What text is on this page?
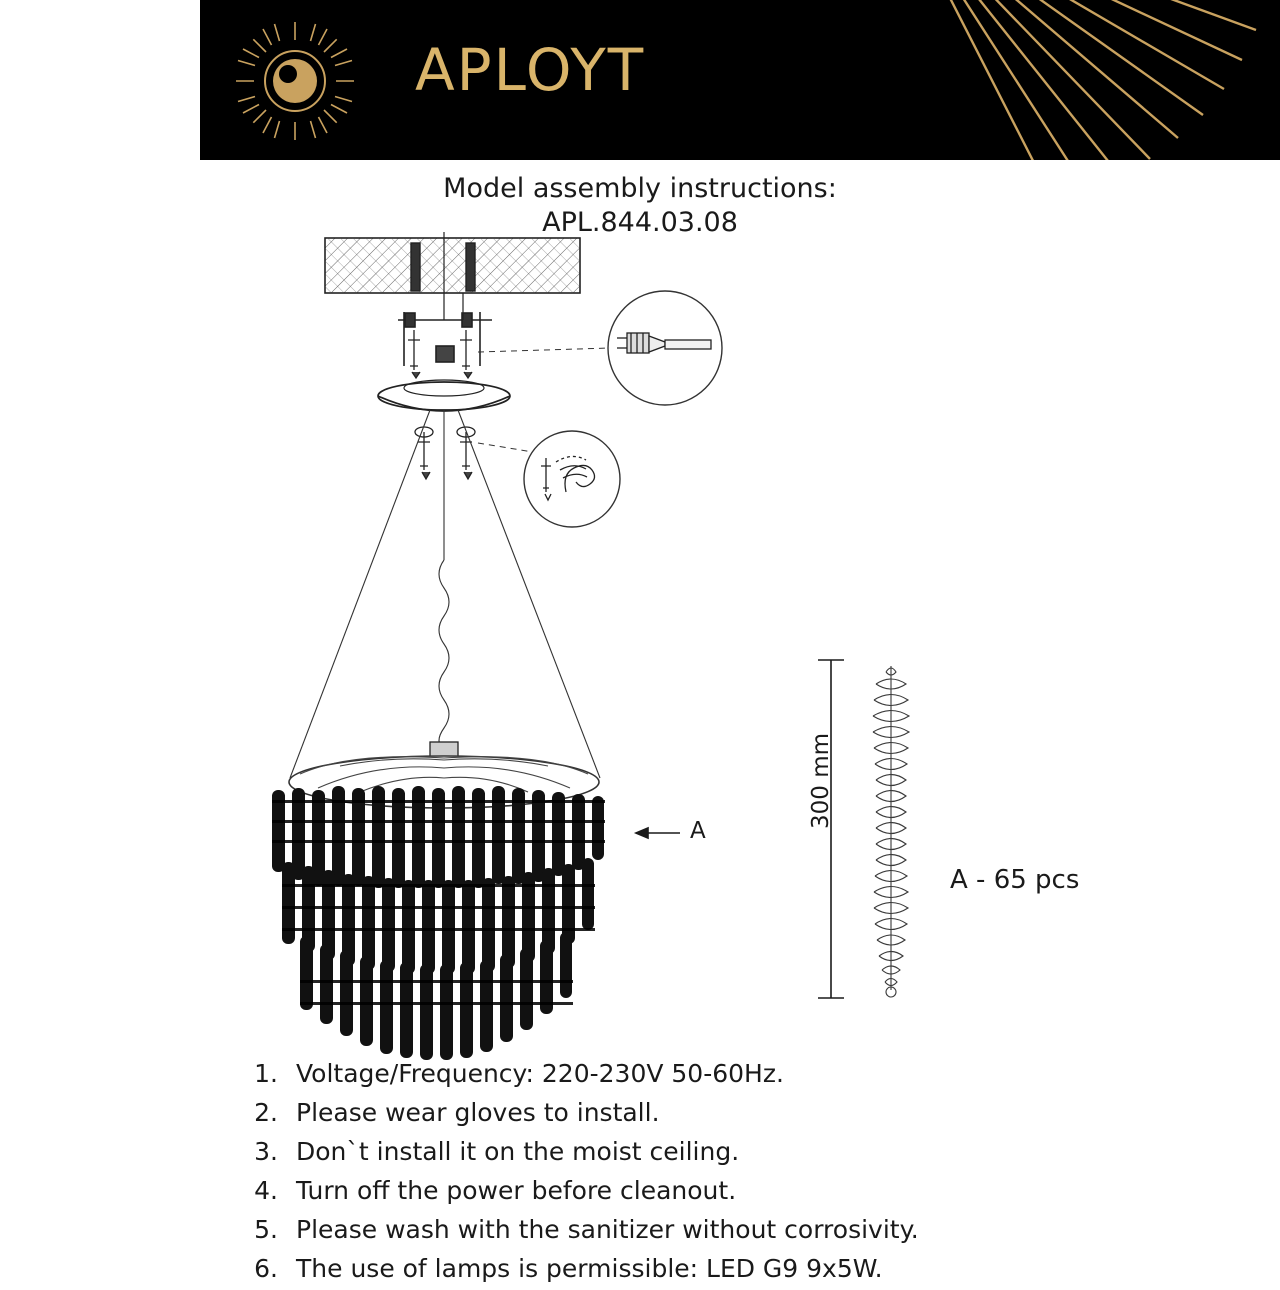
APLOYT
Model assembly instructions:
APL.844.03.08
A
300 mm
A - 65 pcs
1. Voltage/Frequency: 220-230V 50-60Hz.
2. Please wear gloves to install.
3. Don`t install it on the moist ceiling.
4. Turn off the power before cleanout.
5. Please wash with the sanitizer without corrosivity.
6. The use of lamps is permissible: LED G9 9x5W.
